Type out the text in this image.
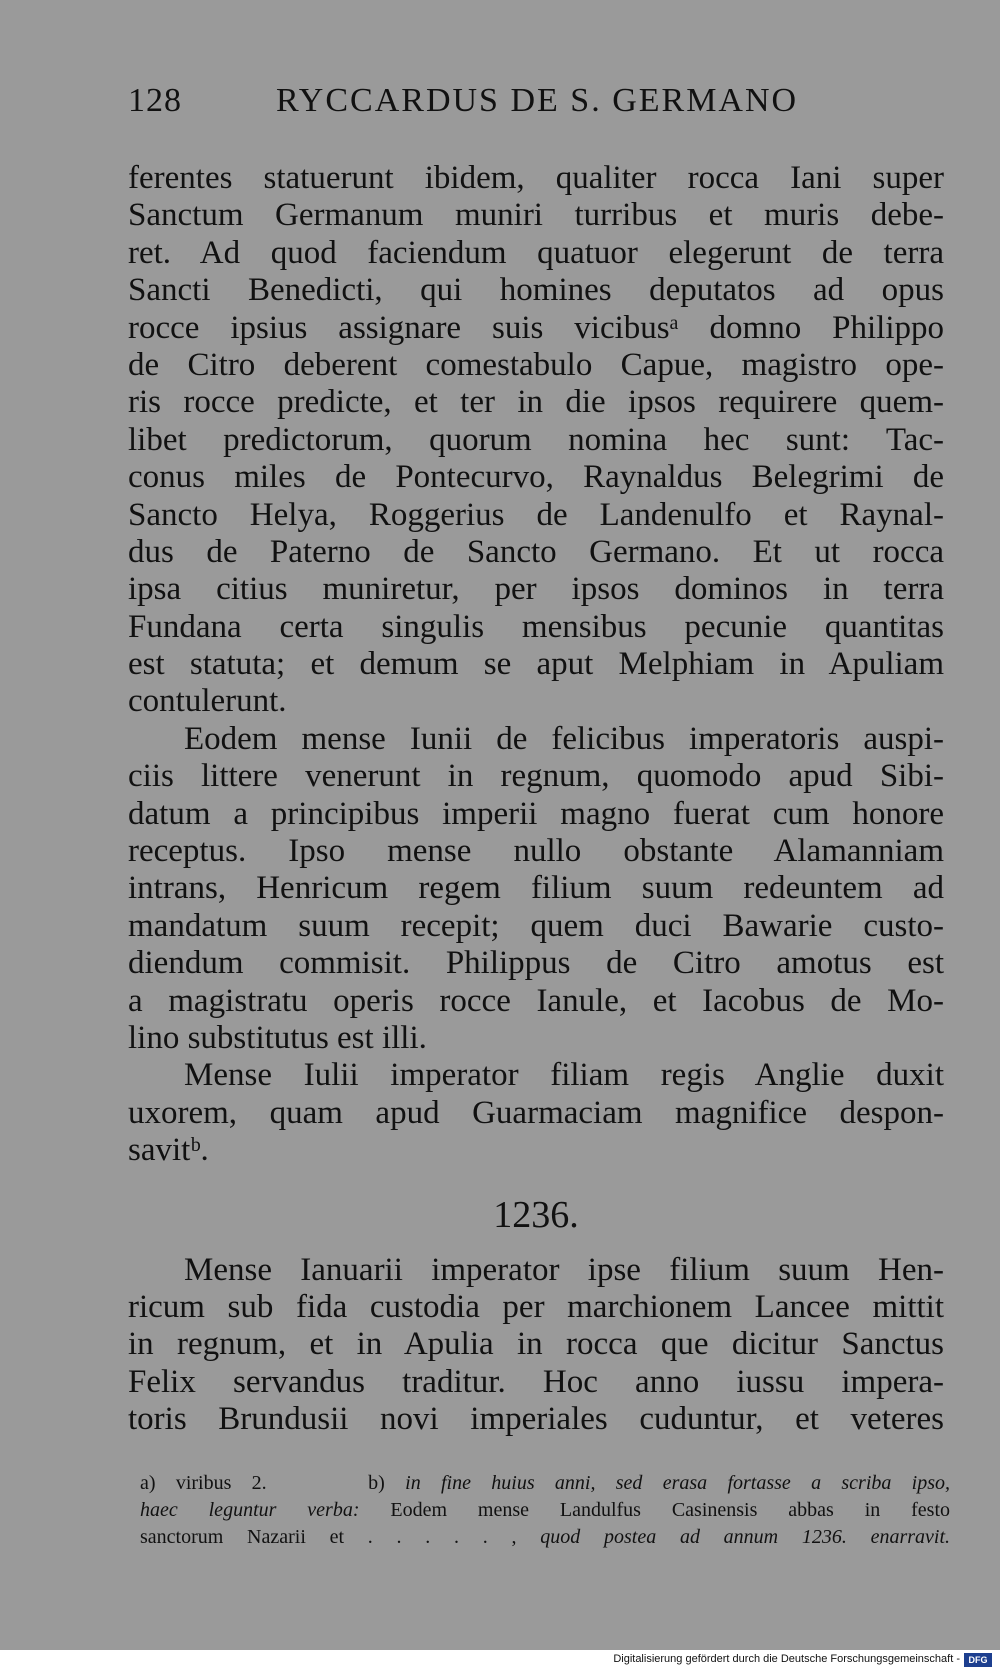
128	RYCCARDUS DE S. GERMANO
ferentes statuerunt ibidem, qualiter rocca Iani super
Sanctum Germanum muniri turribus et muris debe-
ret. Ad quod faciendum quatuor elegerunt de terra
Sancti Benedicti, qui homines deputatos ad opus
rocce ipsius assignare suis vicibusᵃ domno Philippo
de Citro deberent comestabulo Capue, magistro ope-
ris rocce predicte, et ter in die ipsos requirere quem-
libet predictorum, quorum nomina hec sunt: Tac-
conus miles de Pontecurvo, Raynaldus Belegrimi de
Sancto Helya, Roggerius de Landenulfo et Raynal-
dus de Paterno de Sancto Germano. Et ut rocca
ipsa citius muniretur, per ipsos dominos in terra
Fundana certa singulis mensibus pecunie quantitas
est statuta; et demum se aput Melphiam in Apuliam
contulerunt.
Eodem mense Iunii de felicibus imperatoris auspi-
ciis littere venerunt in regnum, quomodo apud Sibi-
datum a principibus imperii magno fuerat cum honore
receptus. Ipso mense nullo obstante Alamanniam
intrans, Henricum regem filium suum redeuntem ad
mandatum suum recepit; quem duci Bawarie custo-
diendum commisit. Philippus de Citro amotus est
a magistratu operis rocce Ianule, et Iacobus de Mo-
lino substitutus est illi.
Mense Iulii imperator filiam regis Anglie duxit
uxorem, quam apud Guarmaciam magnifice despon-
savitᵇ.
1236.
Mense Ianuarii imperator ipse filium suum Hen-
ricum sub fida custodia per marchionem Lancee mittit
in regnum, et in Apulia in rocca que dicitur Sanctus
Felix servandus traditur. Hoc anno iussu impera-
toris Brundusii novi imperiales cuduntur, et veteres
a) viribus 2.	b) in fine huius anni, sed erasa fortasse a scriba ipso,
haec leguntur verba: Eodem mense Landulfus Casinensis abbas in festo
sanctorum Nazarii et . . . . . , quod postea ad annum 1236. enarravit.
Digitalisierung gefördert durch die Deutsche Forschungsgemeinschaft - DFG
